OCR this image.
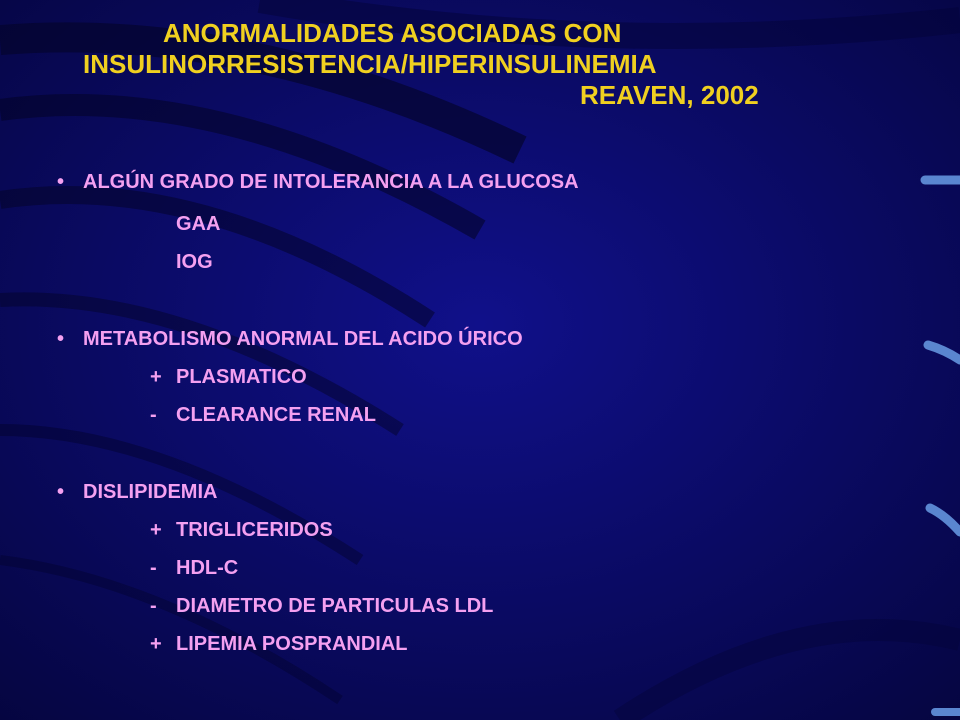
ANORMALIDADES ASOCIADAS CON
INSULINORRESISTENCIA/HIPERINSULINEMIA
REAVEN, 2002
• ALGÚN GRADO DE INTOLERANCIA A LA GLUCOSA
GAA
IOG
• METABOLISMO ANORMAL DEL ACIDO ÚRICO
+ PLASMATICO
- CLEARANCE RENAL
• DISLIPIDEMIA
+ TRIGLICERIDOS
- HDL-C
- DIAMETRO DE PARTICULAS LDL
+ LIPEMIA POSPRANDIAL
